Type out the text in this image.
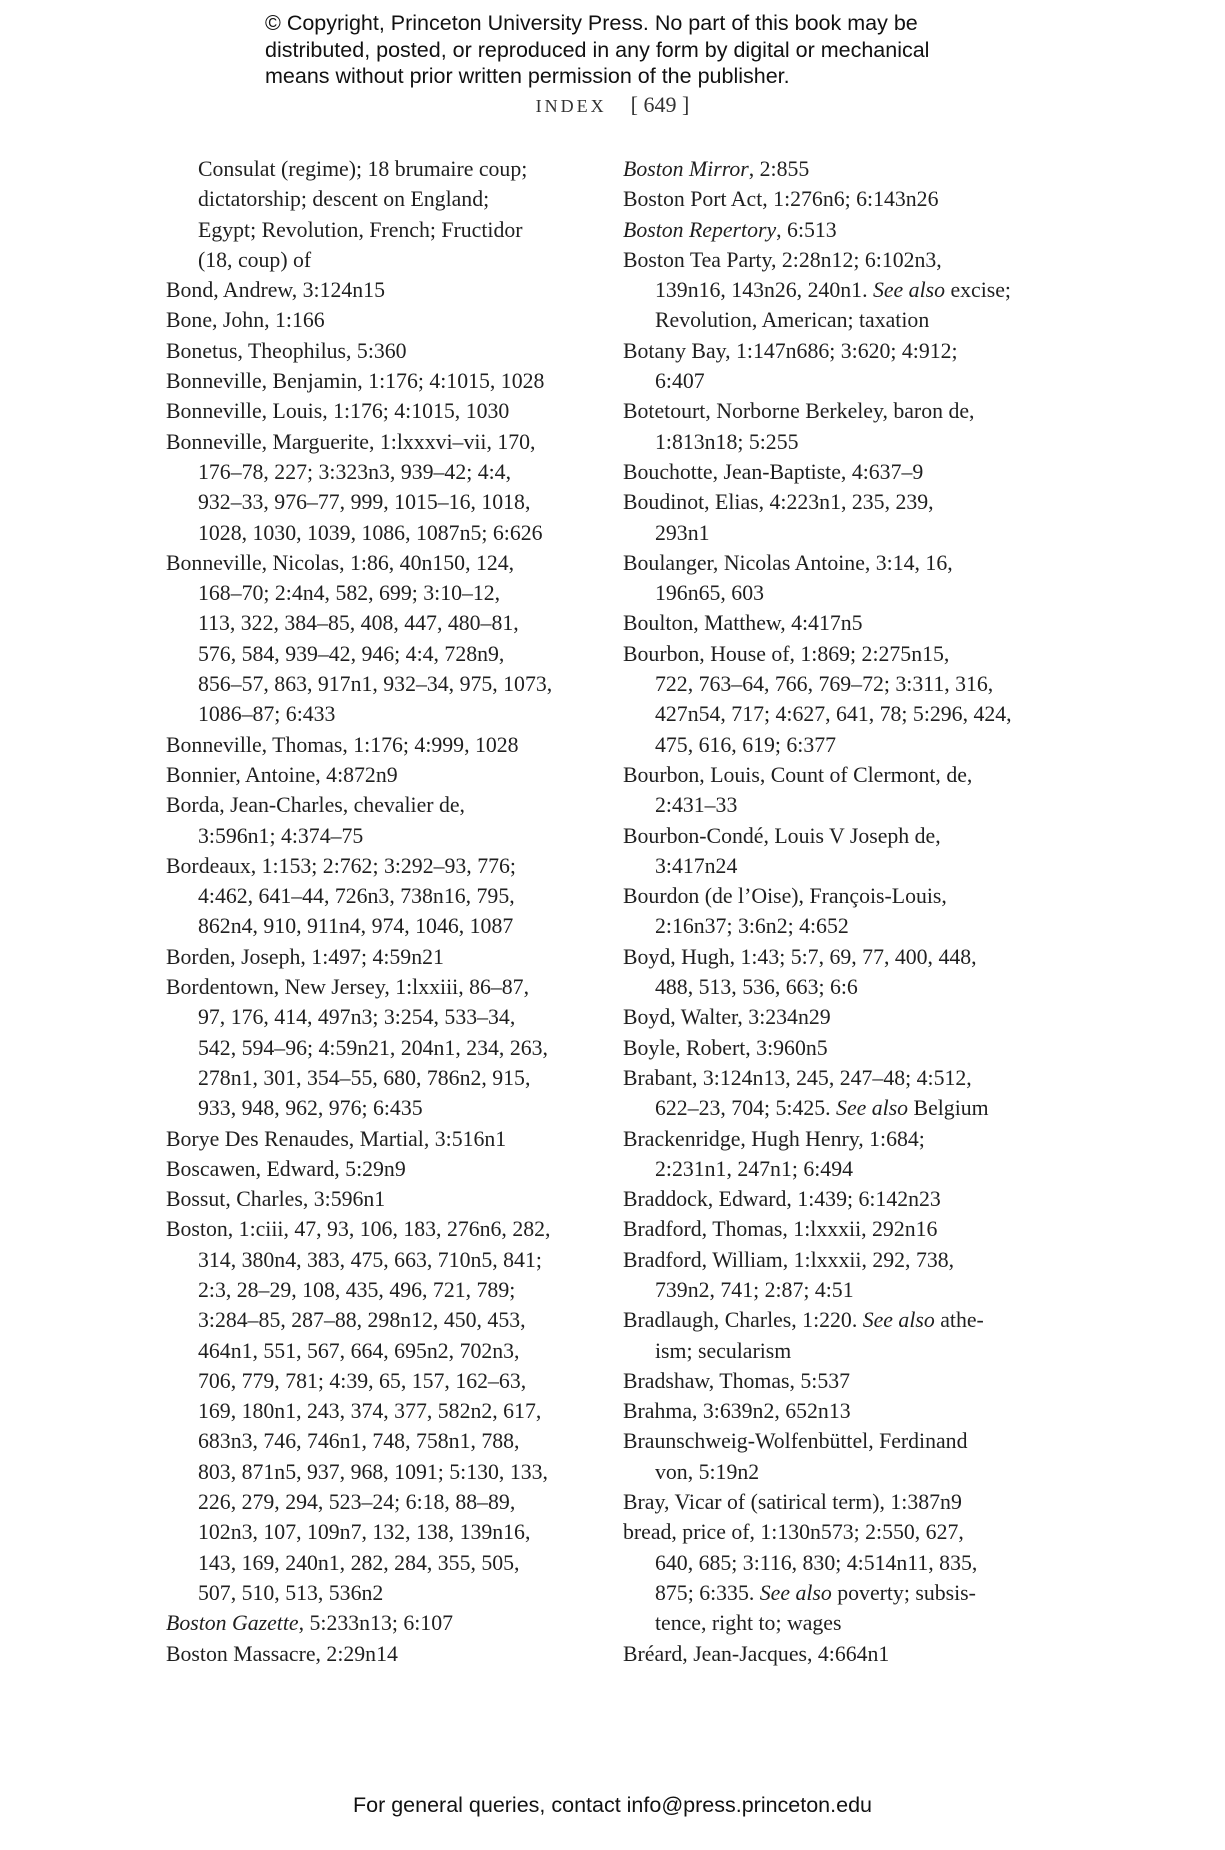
© Copyright, Princeton University Press. No part of this book may be
distributed, posted, or reproduced in any form by digital or mechanical
means without prior written permission of the publisher.
INDEX [ 649 ]

Consulat (regime); 18 brumaire coup;
dictatorship; descent on England;
Egypt; Revolution, French; Fructidor
(18, coup) of

Bond, Andrew, 3:124n15

Bone, John, 1:166

Bonetus, Theophilus, 5:360

Bonneville, Benjamin, 1:176; 4:1015, 1028

Bonneville, Louis, 1:176; 4:1015, 1030

Bonneville, Marguerite, 1:lxxxvi–vii, 170,
176–78, 227; 3:323n3, 939–42; 4:4,
932–33, 976–77, 999, 1015–16, 1018,
1028, 1030, 1039, 1086, 1087n5; 6:626

Bonneville, Nicolas, 1:86, 40n150, 124,
168–70; 2:4n4, 582, 699; 3:10–12,
113, 322, 384–85, 408, 447, 480–81,
576, 584, 939–42, 946; 4:4, 728n9,
856–57, 863, 917n1, 932–34, 975, 1073,
1086–87; 6:433

Bonneville, Thomas, 1:176; 4:999, 1028

Bonnier, Antoine, 4:872n9

Borda, Jean-Charles, chevalier de,
3:596n1; 4:374–75

Bordeaux, 1:153; 2:762; 3:292–93, 776;
4:462, 641–44, 726n3, 738n16, 795,
862n4, 910, 911n4, 974, 1046, 1087

Borden, Joseph, 1:497; 4:59n21

Bordentown, New Jersey, 1:lxxiii, 86–87,
97, 176, 414, 497n3; 3:254, 533–34,
542, 594–96; 4:59n21, 204n1, 234, 263,
278n1, 301, 354–55, 680, 786n2, 915,
933, 948, 962, 976; 6:435

Borye Des Renaudes, Martial, 3:516n1

Boscawen, Edward, 5:29n9

Bossut, Charles, 3:596n1

Boston, 1:ciii, 47, 93, 106, 183, 276n6, 282,
314, 380n4, 383, 475, 663, 710n5, 841;
2:3, 28–29, 108, 435, 496, 721, 789;
3:284–85, 287–88, 298n12, 450, 453,
464n1, 551, 567, 664, 695n2, 702n3,
706, 779, 781; 4:39, 65, 157, 162–63,
169, 180n1, 243, 374, 377, 582n2, 617,
683n3, 746, 746n1, 748, 758n1, 788,
803, 871n5, 937, 968, 1091; 5:130, 133,
226, 279, 294, 523–24; 6:18, 88–89,
102n3, 107, 109n7, 132, 138, 139n16,
143, 169, 240n1, 282, 284, 355, 505,
507, 510, 513, 536n2

Boston Gazette, 5:233n13; 6:107

Boston Massacre, 2:29n14

Boston Mirror, 2:855

Boston Port Act, 1:276n6; 6:143n26

Boston Repertory, 6:513

Boston Tea Party, 2:28n12; 6:102n3,
139n16, 143n26, 240n1. See also excise;
Revolution, American; taxation

Botany Bay, 1:147n686; 3:620; 4:912;
6:407

Botetourt, Norborne Berkeley, baron de,
1:813n18; 5:255

Bouchotte, Jean-Baptiste, 4:637–9

Boudinot, Elias, 4:223n1, 235, 239,
293n1

Boulanger, Nicolas Antoine, 3:14, 16,
196n65, 603

Boulton, Matthew, 4:417n5

Bourbon, House of, 1:869; 2:275n15,
722, 763–64, 766, 769–72; 3:311, 316,
427n54, 717; 4:627, 641, 78; 5:296, 424,
475, 616, 619; 6:377

Bourbon, Louis, Count of Clermont, de,
2:431–33

Bourbon-Condé, Louis V Joseph de,
3:417n24

Bourdon (de l’Oise), François-Louis,
2:16n37; 3:6n2; 4:652

Boyd, Hugh, 1:43; 5:7, 69, 77, 400, 448,
488, 513, 536, 663; 6:6

Boyd, Walter, 3:234n29

Boyle, Robert, 3:960n5

Brabant, 3:124n13, 245, 247–48; 4:512,
622–23, 704; 5:425. See also Belgium

Brackenridge, Hugh Henry, 1:684;
2:231n1, 247n1; 6:494

Braddock, Edward, 1:439; 6:142n23

Bradford, Thomas, 1:lxxxii, 292n16

Bradford, William, 1:lxxxii, 292, 738,
739n2, 741; 2:87; 4:51

Bradlaugh, Charles, 1:220. See also athe-
ism; secularism

Bradshaw, Thomas, 5:537

Brahma, 3:639n2, 652n13

Braunschweig-Wolfenbüttel, Ferdinand
von, 5:19n2

Bray, Vicar of (satirical term), 1:387n9

bread, price of, 1:130n573; 2:550, 627,
640, 685; 3:116, 830; 4:514n11, 835,
875; 6:335. See also poverty; subsis-
tence, right to; wages

Bréard, Jean-Jacques, 4:664n1

For general queries, contact info@press.princeton.edu
